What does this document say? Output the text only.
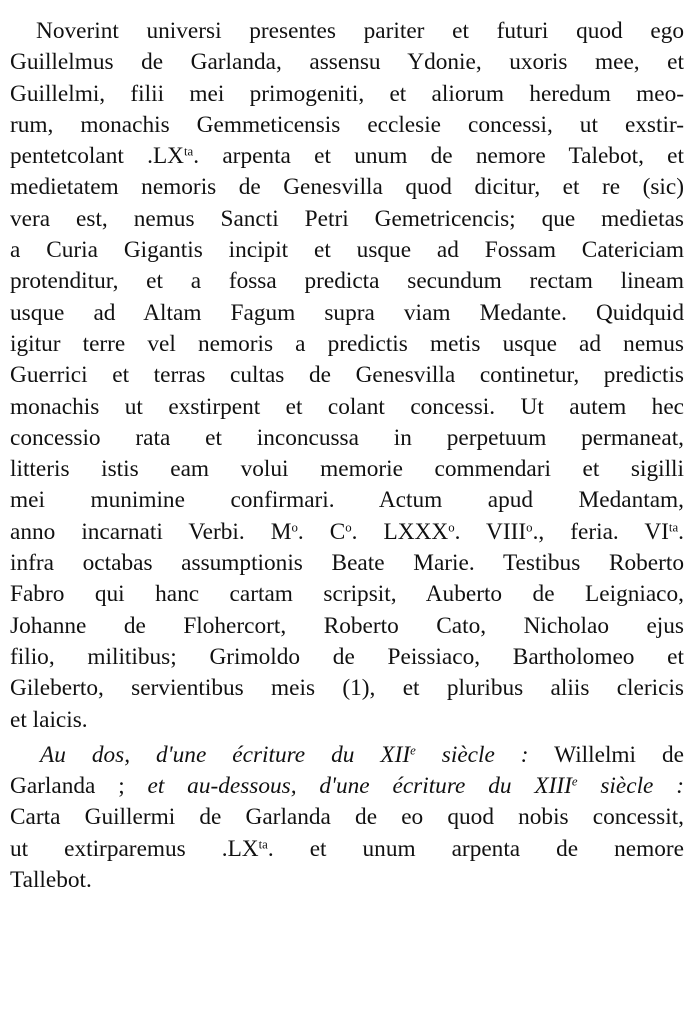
Noverint universi presentes pariter et futuri quod ego
Guillelmus de Garlanda, assensu Ydonie, uxoris mee, et
Guillelmi, filii mei primogeniti, et aliorum heredum meo-
rum, monachis Gemmeticensis ecclesie concessi, ut exstir-
pentetcolant $.LX^{ta}$. arpenta et unum de nemore Talebot, et
medietatem nemoris de Genesvilla quod dicitur, et re (sic)
vera est, nemus Sancti Petri Gemetricencis; que medietas
a Curia Gigantis incipit et usque ad Fossam Catericiam
protenditur, et a fossa predicta secundum rectam lineam
usque ad Altam Fagum supra viam Medante. Quidquid
igitur terre vel nemoris a predictis metis usque ad nemus
Guerrici et terras cultas de Genesvilla continetur, predictis
monachis ut exstirpent et colant concessi. Ut autem hec
concessio rata et inconcussa in perpetuum permaneat,
litteris istis eam volui memorie commendari et sigilli
mei munimine confirmari. Actum apud Medantam,
anno incarnati Verbi. $M^o$. $C^o$. LXXX$^o$. VIII$^o$., feria. $VI^{ta}$.
infra octabas assumptionis Beate Marie. Testibus Roberto
Fabro qui hanc cartam scripsit, Auberto de Leigniaco,
Johanne de Flohercort, Roberto Cato, Nicholao ejus
filio, militibus; Grimoldo de Peissiaco, Bartholomeo et
Gileberto, servientibus meis (1), et pluribus aliis clericis
et laicis.
Au dos, d'une écriture du XIIe siècle : Willelmi de
Garlanda ; et au-dessous, d'une écriture du XIIIe siècle :
Carta Guillermi de Garlanda de eo quod nobis concessit,
ut extirparemus $.LX^{ta}$. et unum arpenta de nemore
Tallebot.
